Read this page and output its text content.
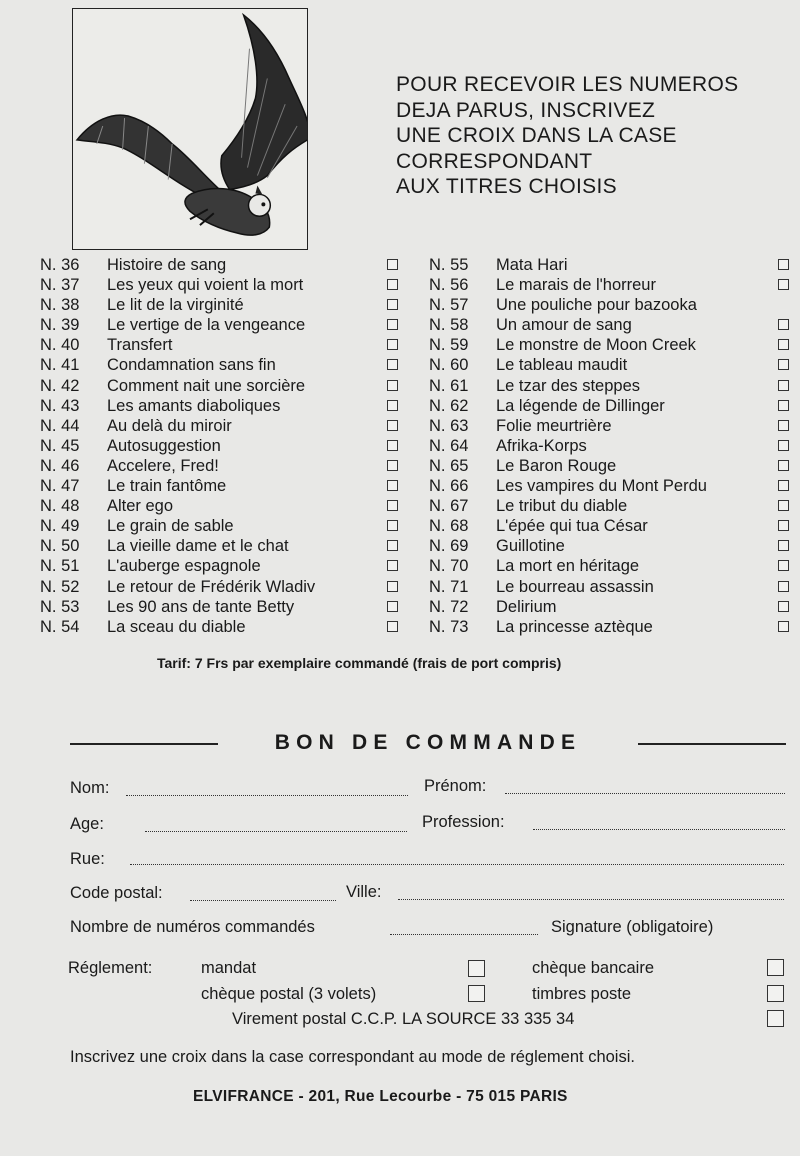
POUR RECEVOIR LES NUMEROS
DEJA PARUS, INSCRIVEZ
UNE CROIX DANS LA CASE
CORRESPONDANT
AUX TITRES CHOISIS

N. 36 Histoire de sang
N. 37 Les yeux qui voient la mort
N. 38 Le lit de la virginité
N. 39 Le vertige de la vengeance
N. 40 Transfert
N. 41 Condamnation sans fin
N. 42 Comment nait une sorcière
N. 43 Les amants diaboliques
N. 44 Au delà du miroir
N. 45 Autosuggestion
N. 46 Accelere, Fred!
N. 47 Le train fantôme
N. 48 Alter ego
N. 49 Le grain de sable
N. 50 La vieille dame et le chat
N. 51 L'auberge espagnole
N. 52 Le retour de Frédérik Wladiv
N. 53 Les 90 ans de tante Betty
N. 54 La sceau du diable
N. 55 Mata Hari
N. 56 Le marais de l'horreur
N. 57 Une pouliche pour bazooka
N. 58 Un amour de sang
N. 59 Le monstre de Moon Creek
N. 60 Le tableau maudit
N. 61 Le tzar des steppes
N. 62 La légende de Dillinger
N. 63 Folie meurtrière
N. 64 Afrika-Korps
N. 65 Le Baron Rouge
N. 66 Les vampires du Mont Perdu
N. 67 Le tribut du diable
N. 68 L'épée qui tua César
N. 69 Guillotine
N. 70 La mort en héritage
N. 71 Le bourreau assassin
N. 72 Delirium
N. 73 La princesse aztèque

Tarif: 7 Frs par exemplaire commandé (frais de port compris)

BON DE COMMANDE

Nom:	Prénom:
Age:	Profession:
Rue:
Code postal:	Ville:
Nombre de numéros commandés	Signature (obligatoire)
Réglement:	mandat	chèque bancaire
chèque postal (3 volets)	timbres poste
Virement postal C.C.P. LA SOURCE 33 335 34

Inscrivez une croix dans la case correspondant au mode de réglement choisi.

ELVIFRANCE - 201, Rue Lecourbe - 75 015 PARIS
